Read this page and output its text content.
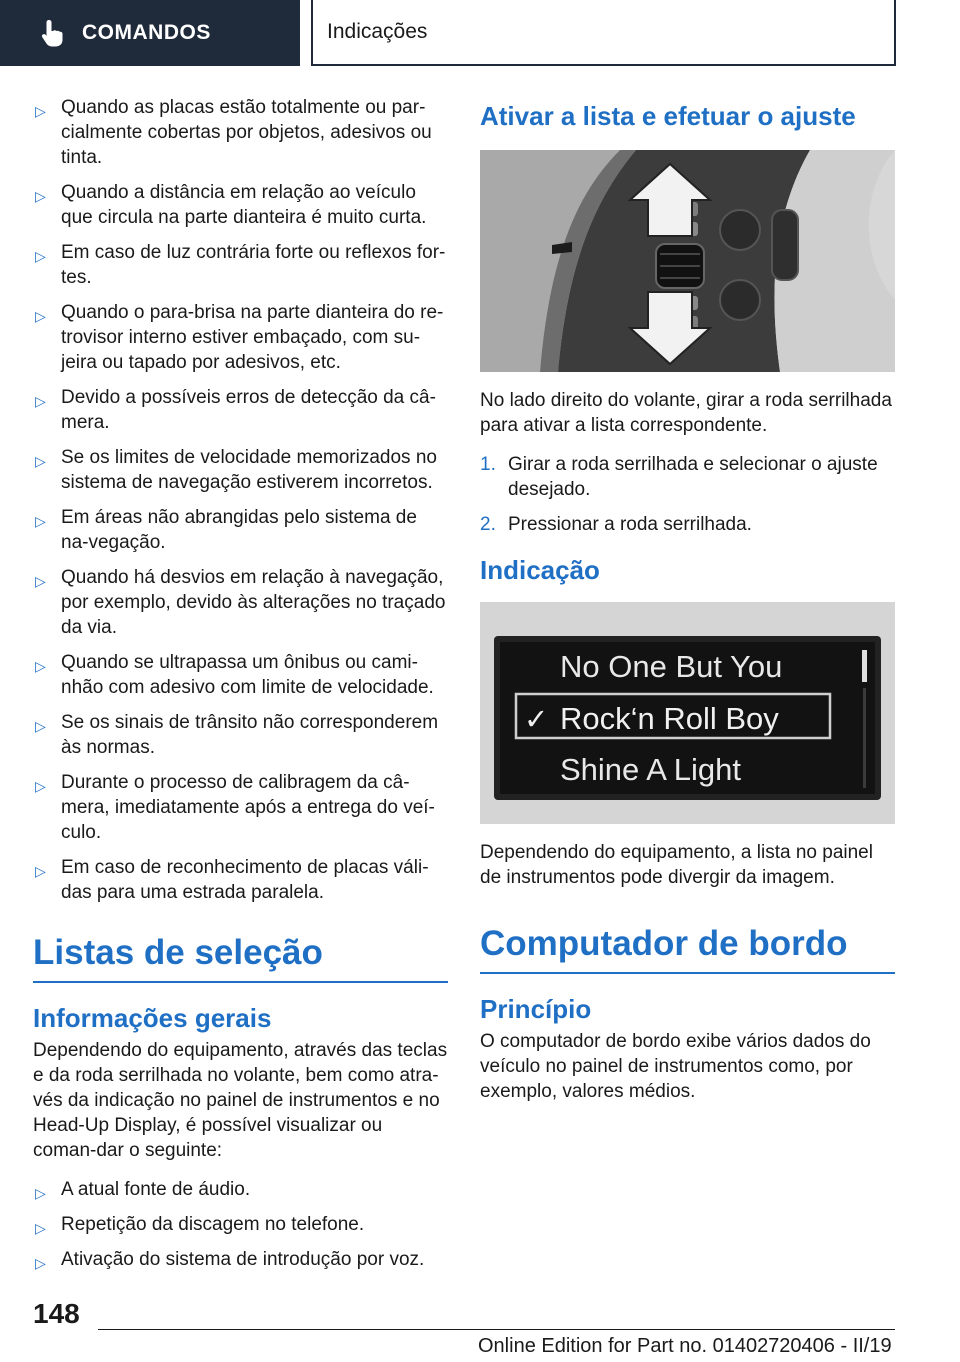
COMANDOS	Indicações
▷ Quando as placas estão totalmente ou par‐cialmente cobertas por objetos, adesivos ou tinta.
▷ Quando a distância em relação ao veículo que circula na parte dianteira é muito curta.
▷ Em caso de luz contrária forte ou reflexos for‐tes.
▷ Quando o para-brisa na parte dianteira do re‐trovisor interno estiver embaçado, com su‐jeira ou tapado por adesivos, etc.
▷ Devido a possíveis erros de detecção da câ‐mera.
▷ Se os limites de velocidade memorizados no sistema de navegação estiverem incorretos.
▷ Em áreas não abrangidas pelo sistema de na‐vegação.
▷ Quando há desvios em relação à navegação, por exemplo, devido às alterações no traçado da via.
▷ Quando se ultrapassa um ônibus ou cami‐nhão com adesivo com limite de velocidade.
▷ Se os sinais de trânsito não corresponderem às normas.
▷ Durante o processo de calibragem da câ‐mera, imediatamente após a entrega do veí‐culo.
▷ Em caso de reconhecimento de placas váli‐das para uma estrada paralela.
Listas de seleção
Informações gerais

Dependendo do equipamento, através das teclas e da roda serrilhada no volante, bem como atra‐vés da indicação no painel de instrumentos e no Head-Up Display, é possível visualizar ou coman‐dar o seguinte:

▷ A atual fonte de áudio.
▷ Repetição da discagem no telefone.
▷ Ativação do sistema de introdução por voz.
Ativar a lista e efetuar o ajuste

No lado direito do volante, girar a roda serrilhada para ativar a lista correspondente.

1. Girar a roda serrilhada e selecionar o ajuste desejado.
2. Pressionar a roda serrilhada.
Indicação
No One But You
✓ Rock‘n Roll Boy
Shine A Light

Dependendo do equipamento, a lista no painel de instrumentos pode divergir da imagem.

Computador de bordo
Princípio

O computador de bordo exibe vários dados do veículo no painel de instrumentos como, por exemplo, valores médios.

148
Online Edition for Part no. 01402720406 - II/19
